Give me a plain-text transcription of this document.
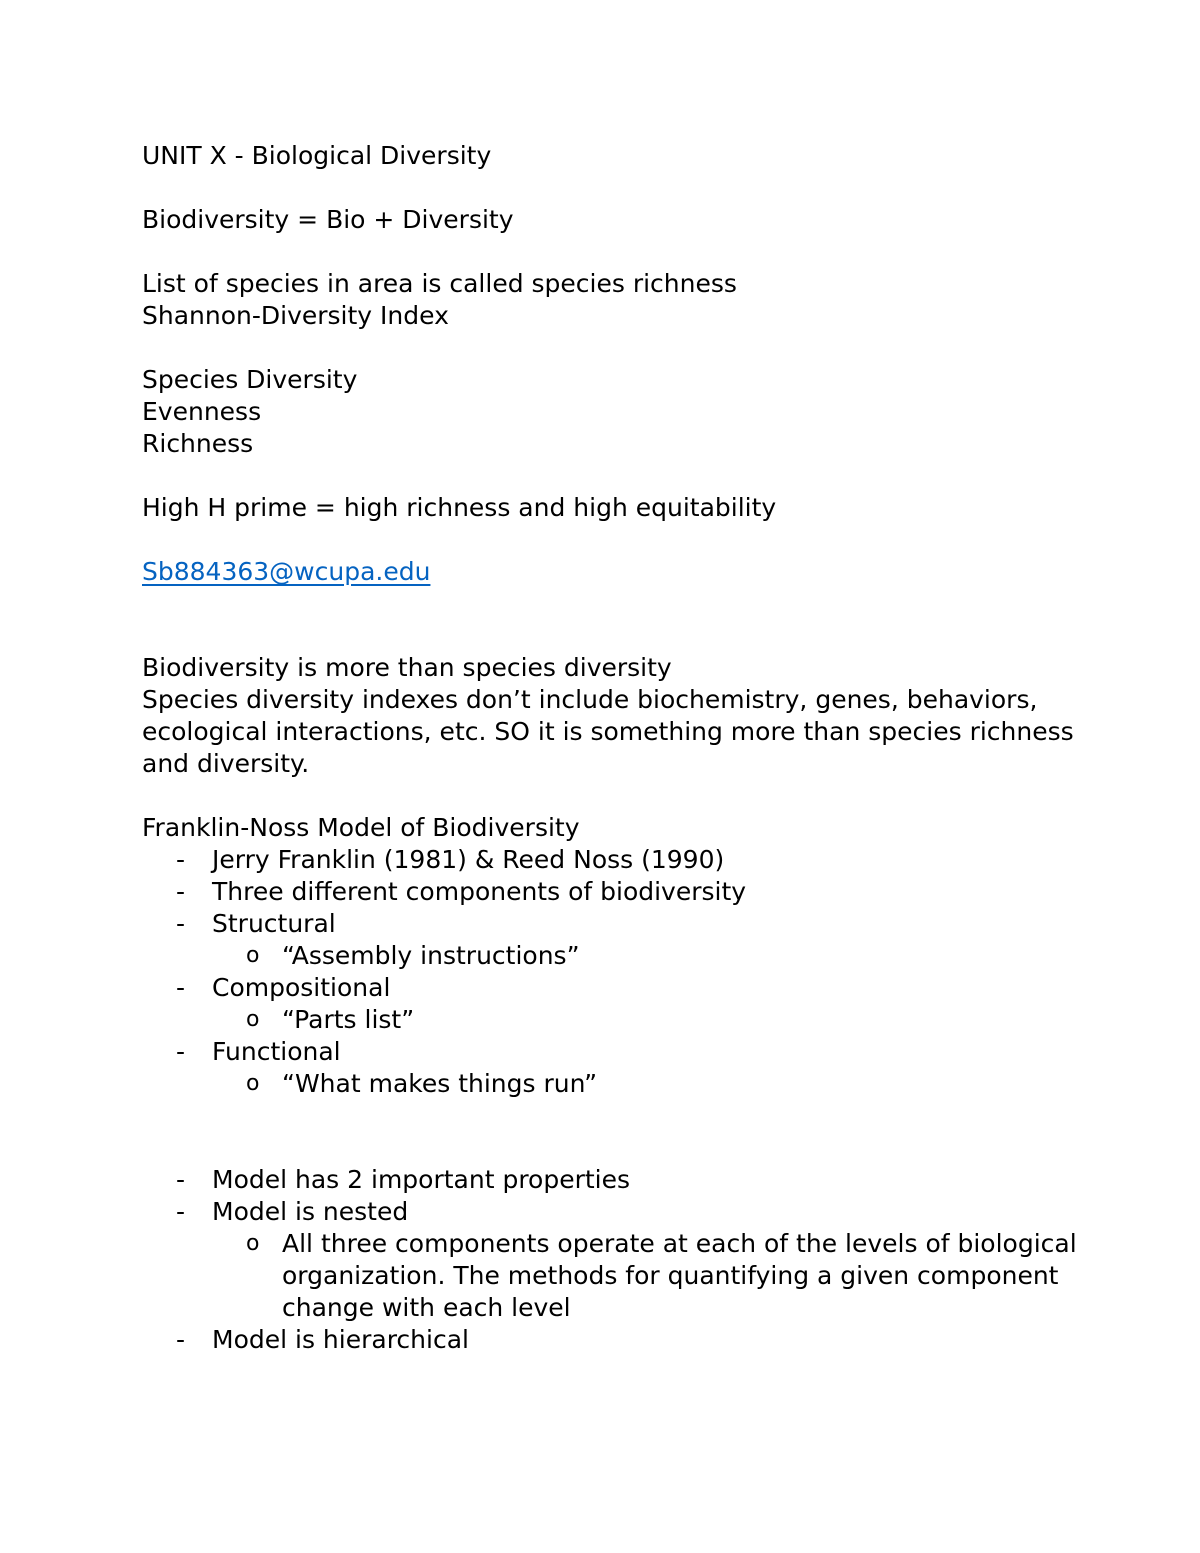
UNIT X - Biological Diversity
Biodiversity = Bio + Diversity
List of species in area is called species richness
Shannon-Diversity Index
Species Diversity
Evenness
Richness
High H prime = high richness and high equitability
Sb884363@wcupa.edu
Biodiversity is more than species diversity
Species diversity indexes don’t include biochemistry, genes, behaviors, ecological interactions, etc. SO it is something more than species richness and diversity.
Franklin-Noss Model of Biodiversity
- Jerry Franklin (1981) & Reed Noss (1990)
- Three different components of biodiversity
- Structural
o “Assembly instructions”
- Compositional
o “Parts list”
- Functional
o “What makes things run”
- Model has 2 important properties
- Model is nested
o All three components operate at each of the levels of biological organization. The methods for quantifying a given component change with each level
- Model is hierarchical
